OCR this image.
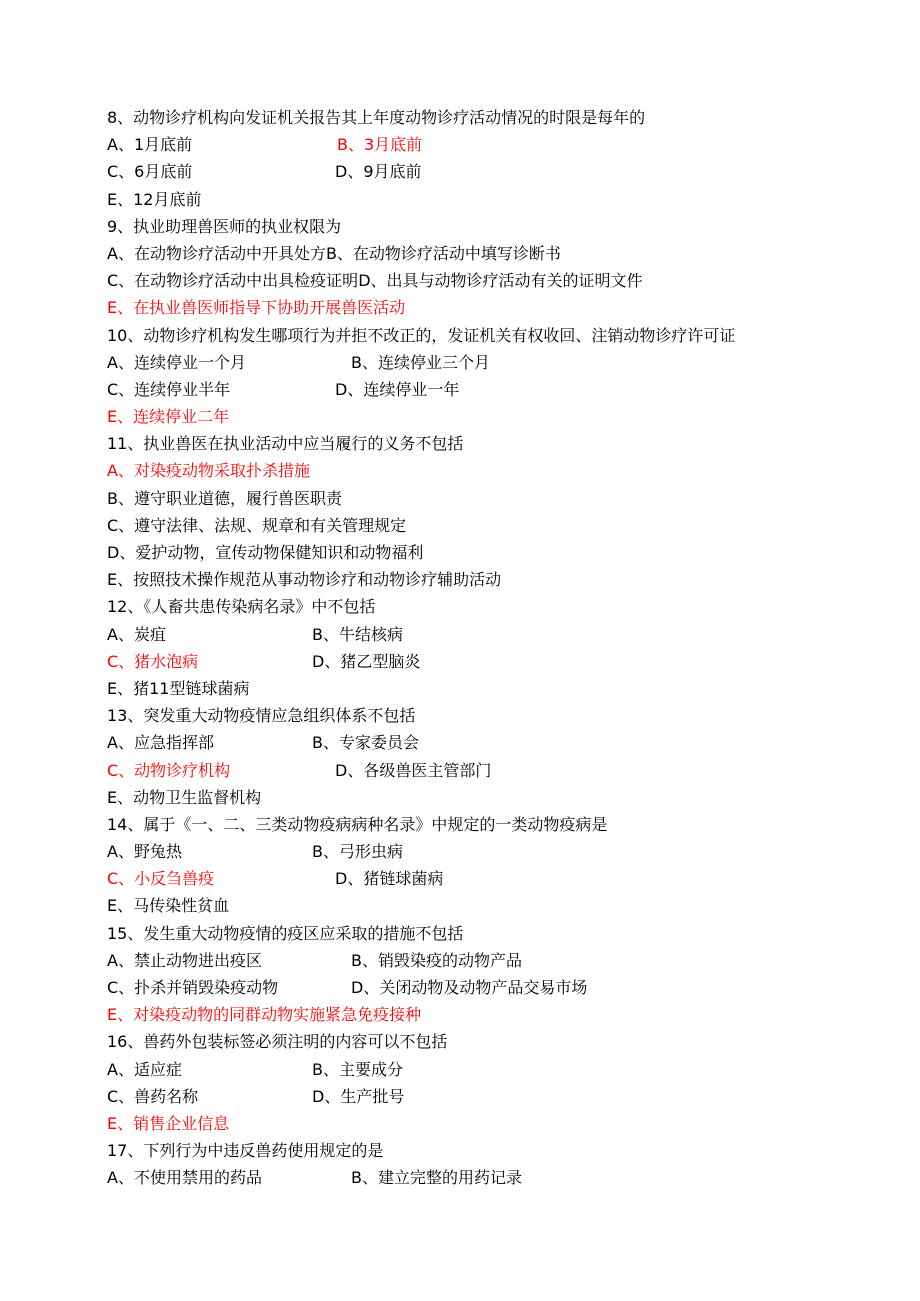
8、动物诊疗机构向发证机关报告其上年度动物诊疗活动情况的时限是每年的
A、1月底前	B、3月底前
C、6月底前	D、9月底前
E、12月底前
9、执业助理兽医师的执业权限为
A、在动物诊疗活动中开具处方B、在动物诊疗活动中填写诊断书
C、在动物诊疗活动中出具检疫证明D、出具与动物诊疗活动有关的证明文件
E、在执业兽医师指导下协助开展兽医活动
10、动物诊疗机构发生哪项行为并拒不改正的，发证机关有权收回、注销动物诊疗许可证
A、连续停业一个月	B、连续停业三个月
C、连续停业半年	D、连续停业一年
E、连续停业二年
11、执业兽医在执业活动中应当履行的义务不包括
A、对染疫动物采取扑杀措施
B、遵守职业道德，履行兽医职责
C、遵守法律、法规、规章和有关管理规定
D、爱护动物，宣传动物保健知识和动物福利
E、按照技术操作规范从事动物诊疗和动物诊疗辅助活动
12、《人畜共患传染病名录》中不包括
A、炭疽	B、牛结核病
C、猪水泡病	D、猪乙型脑炎
E、猪11型链球菌病
13、突发重大动物疫情应急组织体系不包括
A、应急指挥部	B、专家委员会
C、动物诊疗机构	D、各级兽医主管部门
E、动物卫生监督机构
14、属于《一、二、三类动物疫病病种名录》中规定的一类动物疫病是
A、野兔热	B、弓形虫病
C、小反刍兽疫	D、猪链球菌病
E、马传染性贫血
15、发生重大动物疫情的疫区应采取的措施不包括
A、禁止动物进出疫区	B、销毁染疫的动物产品
C、扑杀并销毁染疫动物	D、关闭动物及动物产品交易市场
E、对染疫动物的同群动物实施紧急免疫接种
16、兽药外包装标签必须注明的内容可以不包括
A、适应症	B、主要成分
C、兽药名称	D、生产批号
E、销售企业信息
17、下列行为中违反兽药使用规定的是
A、不使用禁用的药品	B、建立完整的用药记录
